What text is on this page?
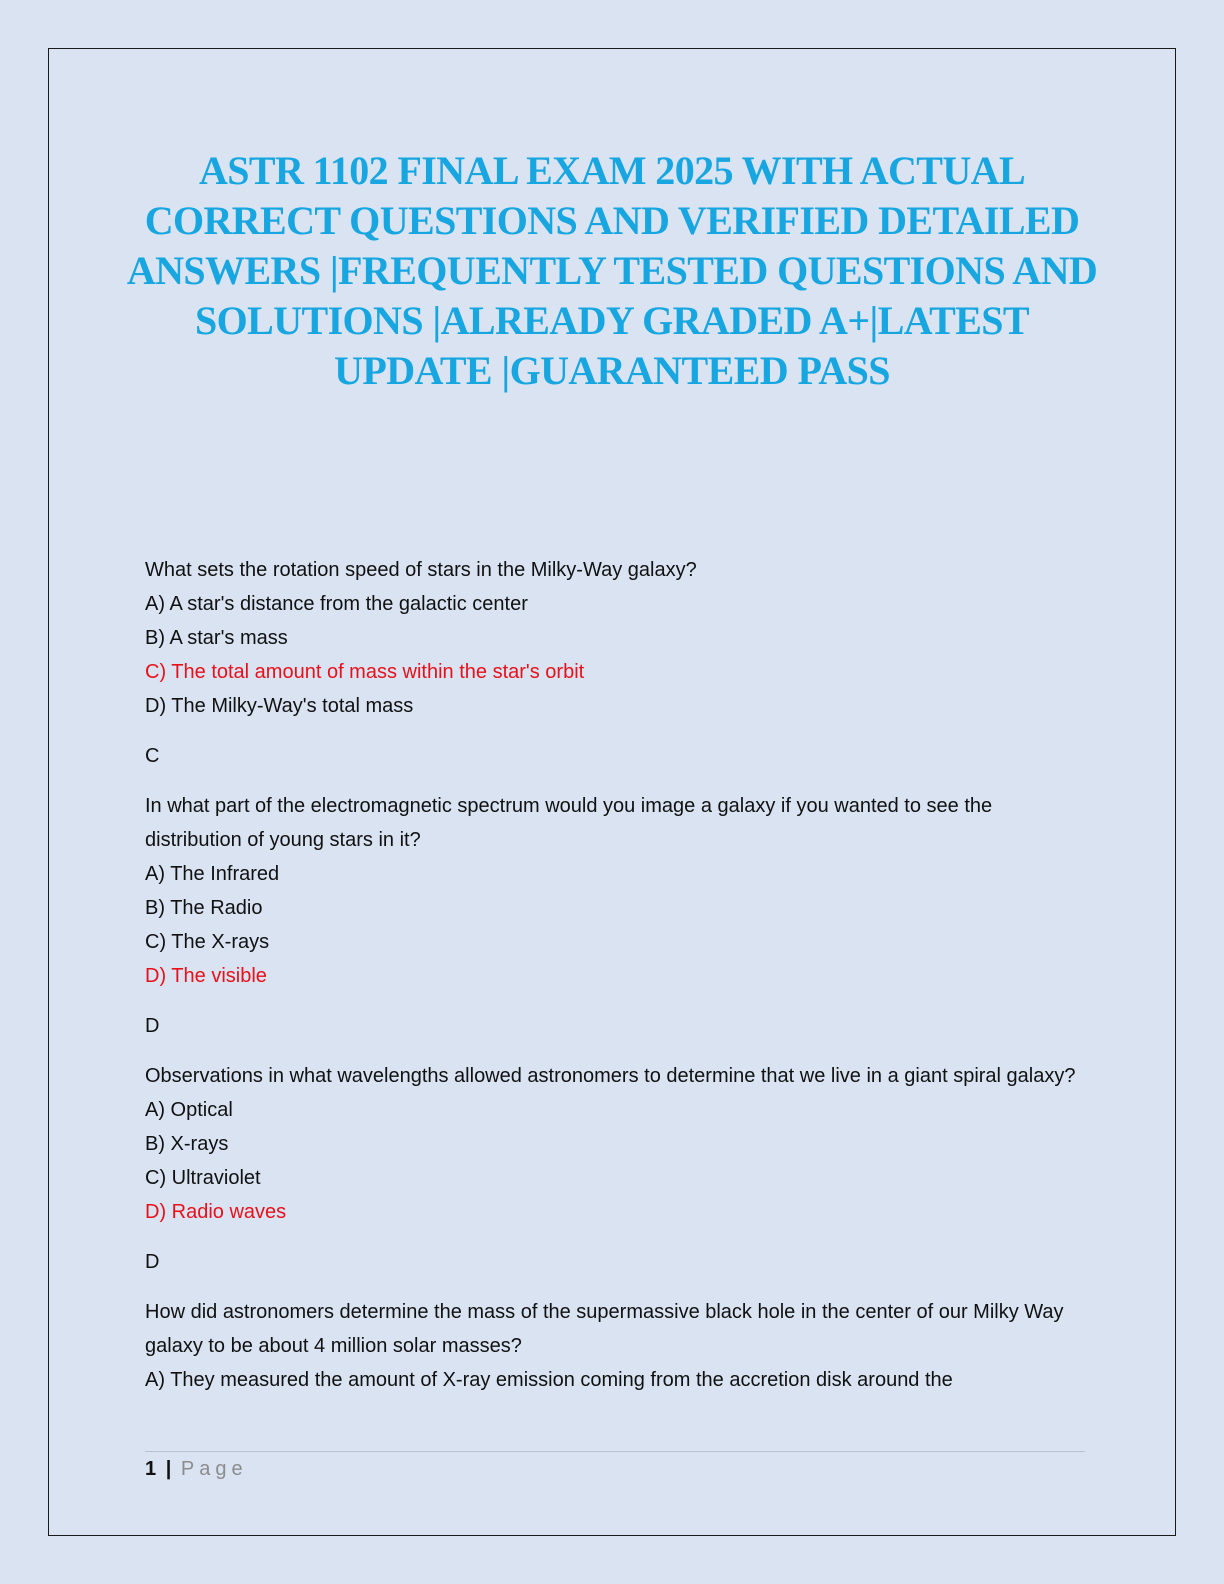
ASTR 1102 FINAL EXAM 2025 WITH ACTUAL CORRECT QUESTIONS AND VERIFIED DETAILED ANSWERS |FREQUENTLY TESTED QUESTIONS AND SOLUTIONS |ALREADY GRADED A+|LATEST UPDATE |GUARANTEED PASS

What sets the rotation speed of stars in the Milky-Way galaxy?

A) A star's distance from the galactic center

B) A star's mass

C) The total amount of mass within the star's orbit

D) The Milky-Way's total mass

C

In what part of the electromagnetic spectrum would you image a galaxy if you wanted to see the distribution of young stars in it?

A) The Infrared

B) The Radio

C) The X-rays

D) The visible

D

Observations in what wavelengths allowed astronomers to determine that we live in a giant spiral galaxy?

A) Optical

B) X-rays

C) Ultraviolet

D) Radio waves

D

How did astronomers determine the mass of the supermassive black hole in the center of our Milky Way galaxy to be about 4 million solar masses?

A) They measured the amount of X-ray emission coming from the accretion disk around the

1 | Page
